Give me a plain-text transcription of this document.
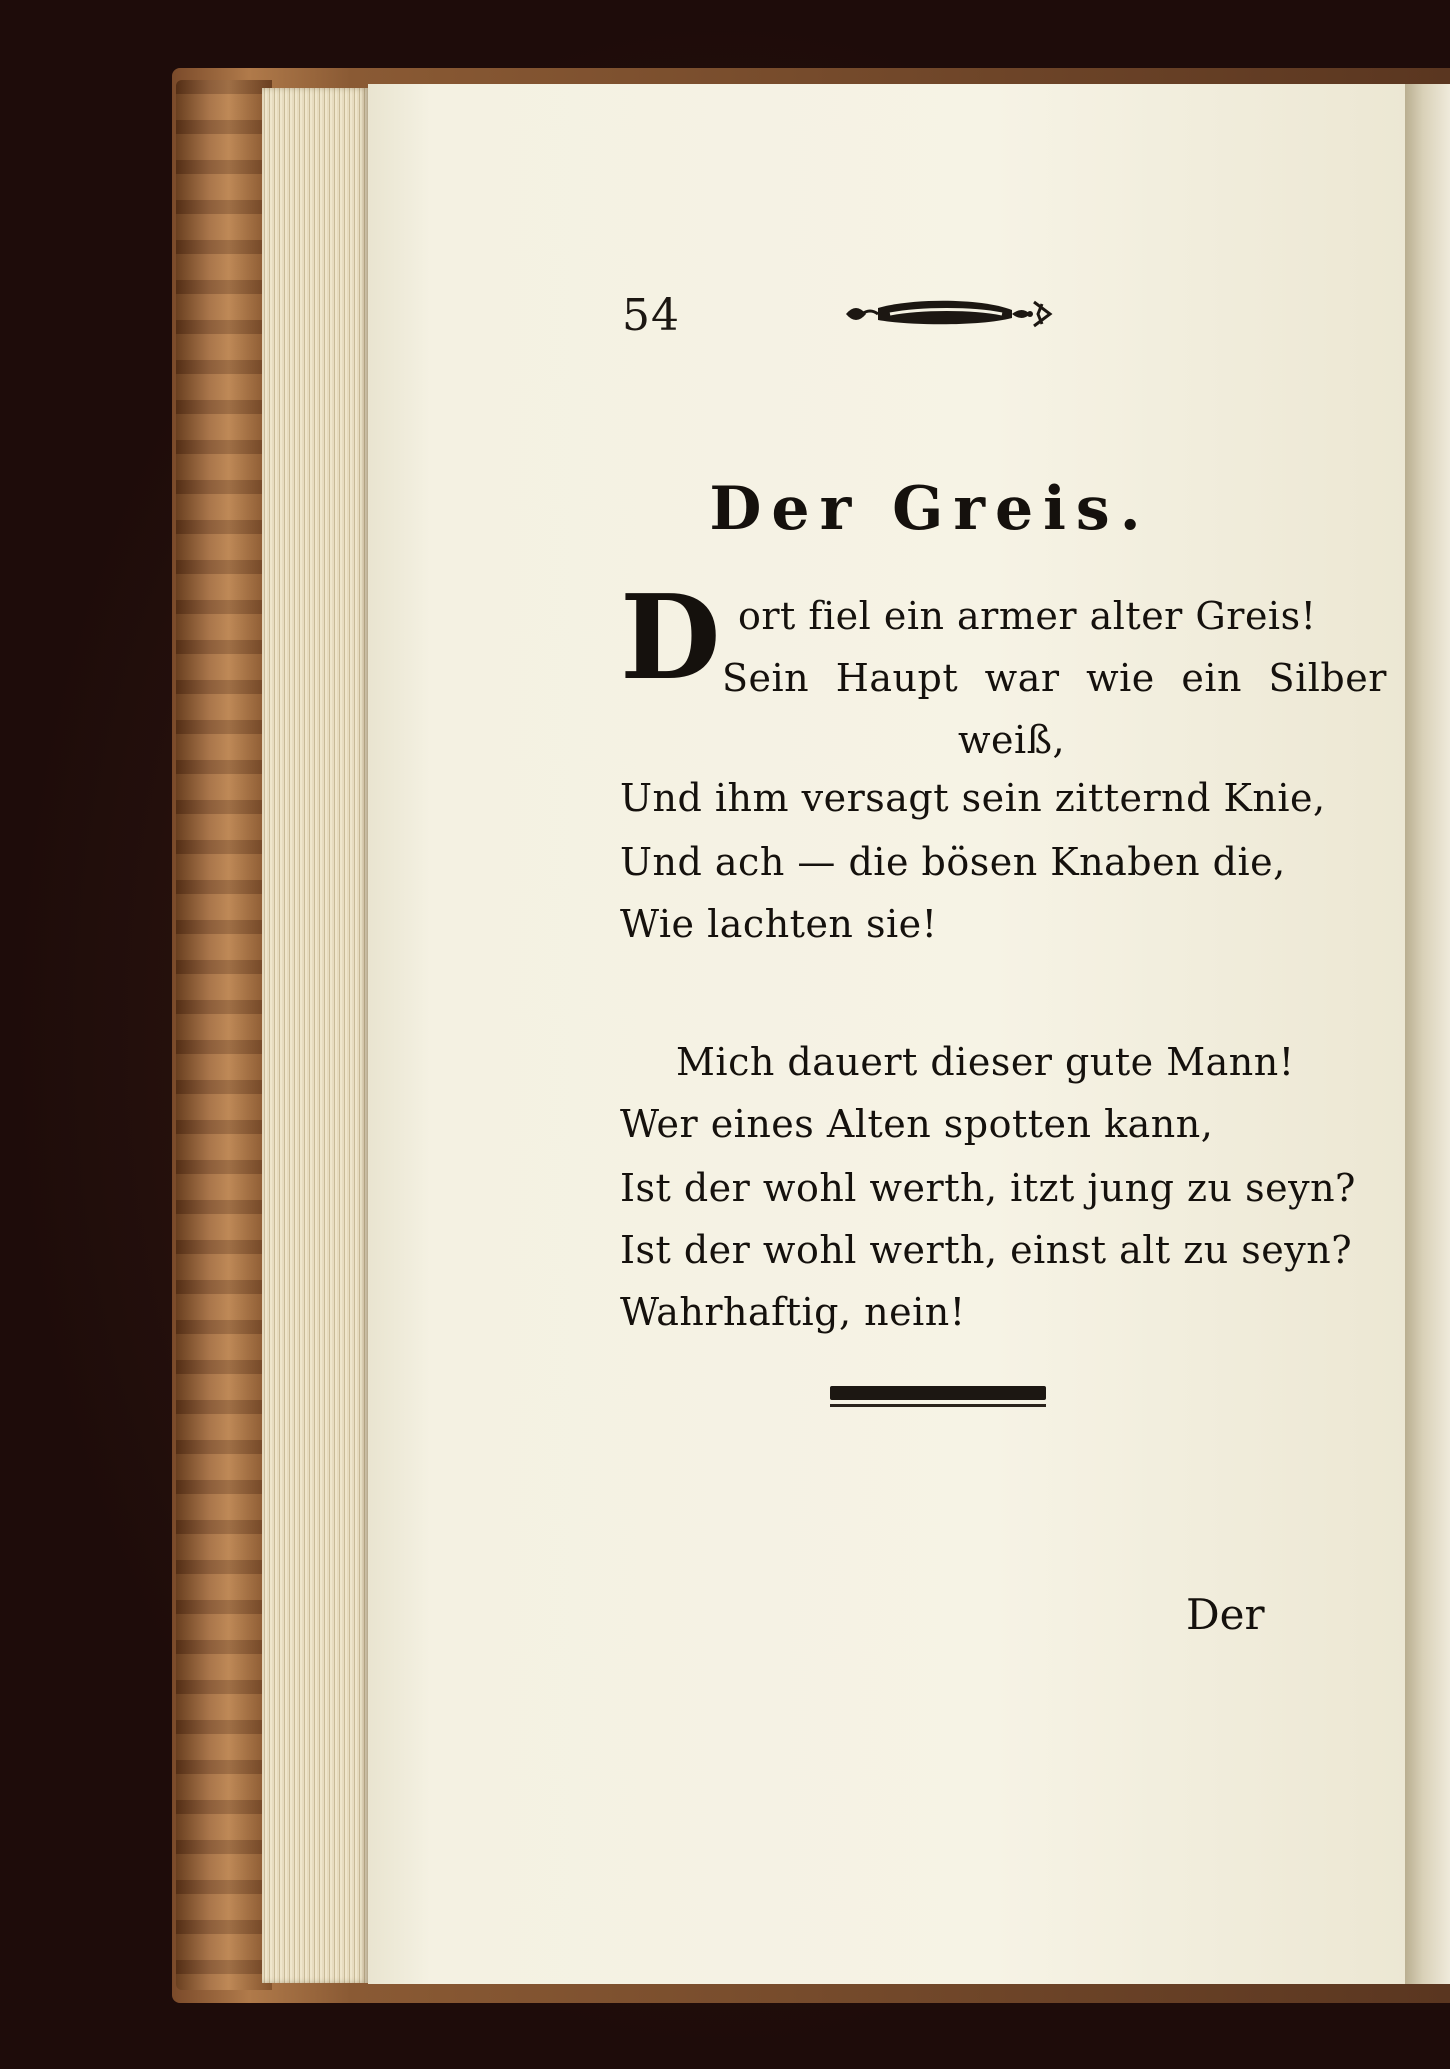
54
Der Greis.
D ort fiel ein armer alter Greis!
Sein Haupt war wie ein Silber
weiß,
Und ihm versagt sein zitternd Knie,
Und ach — die bösen Knaben die,
Wie lachten sie!
Mich dauert dieser gute Mann!
Wer eines Alten spotten kann,
Ist der wohl werth, itzt jung zu seyn?
Ist der wohl werth, einst alt zu seyn?
Wahrhaftig, nein!
Der
